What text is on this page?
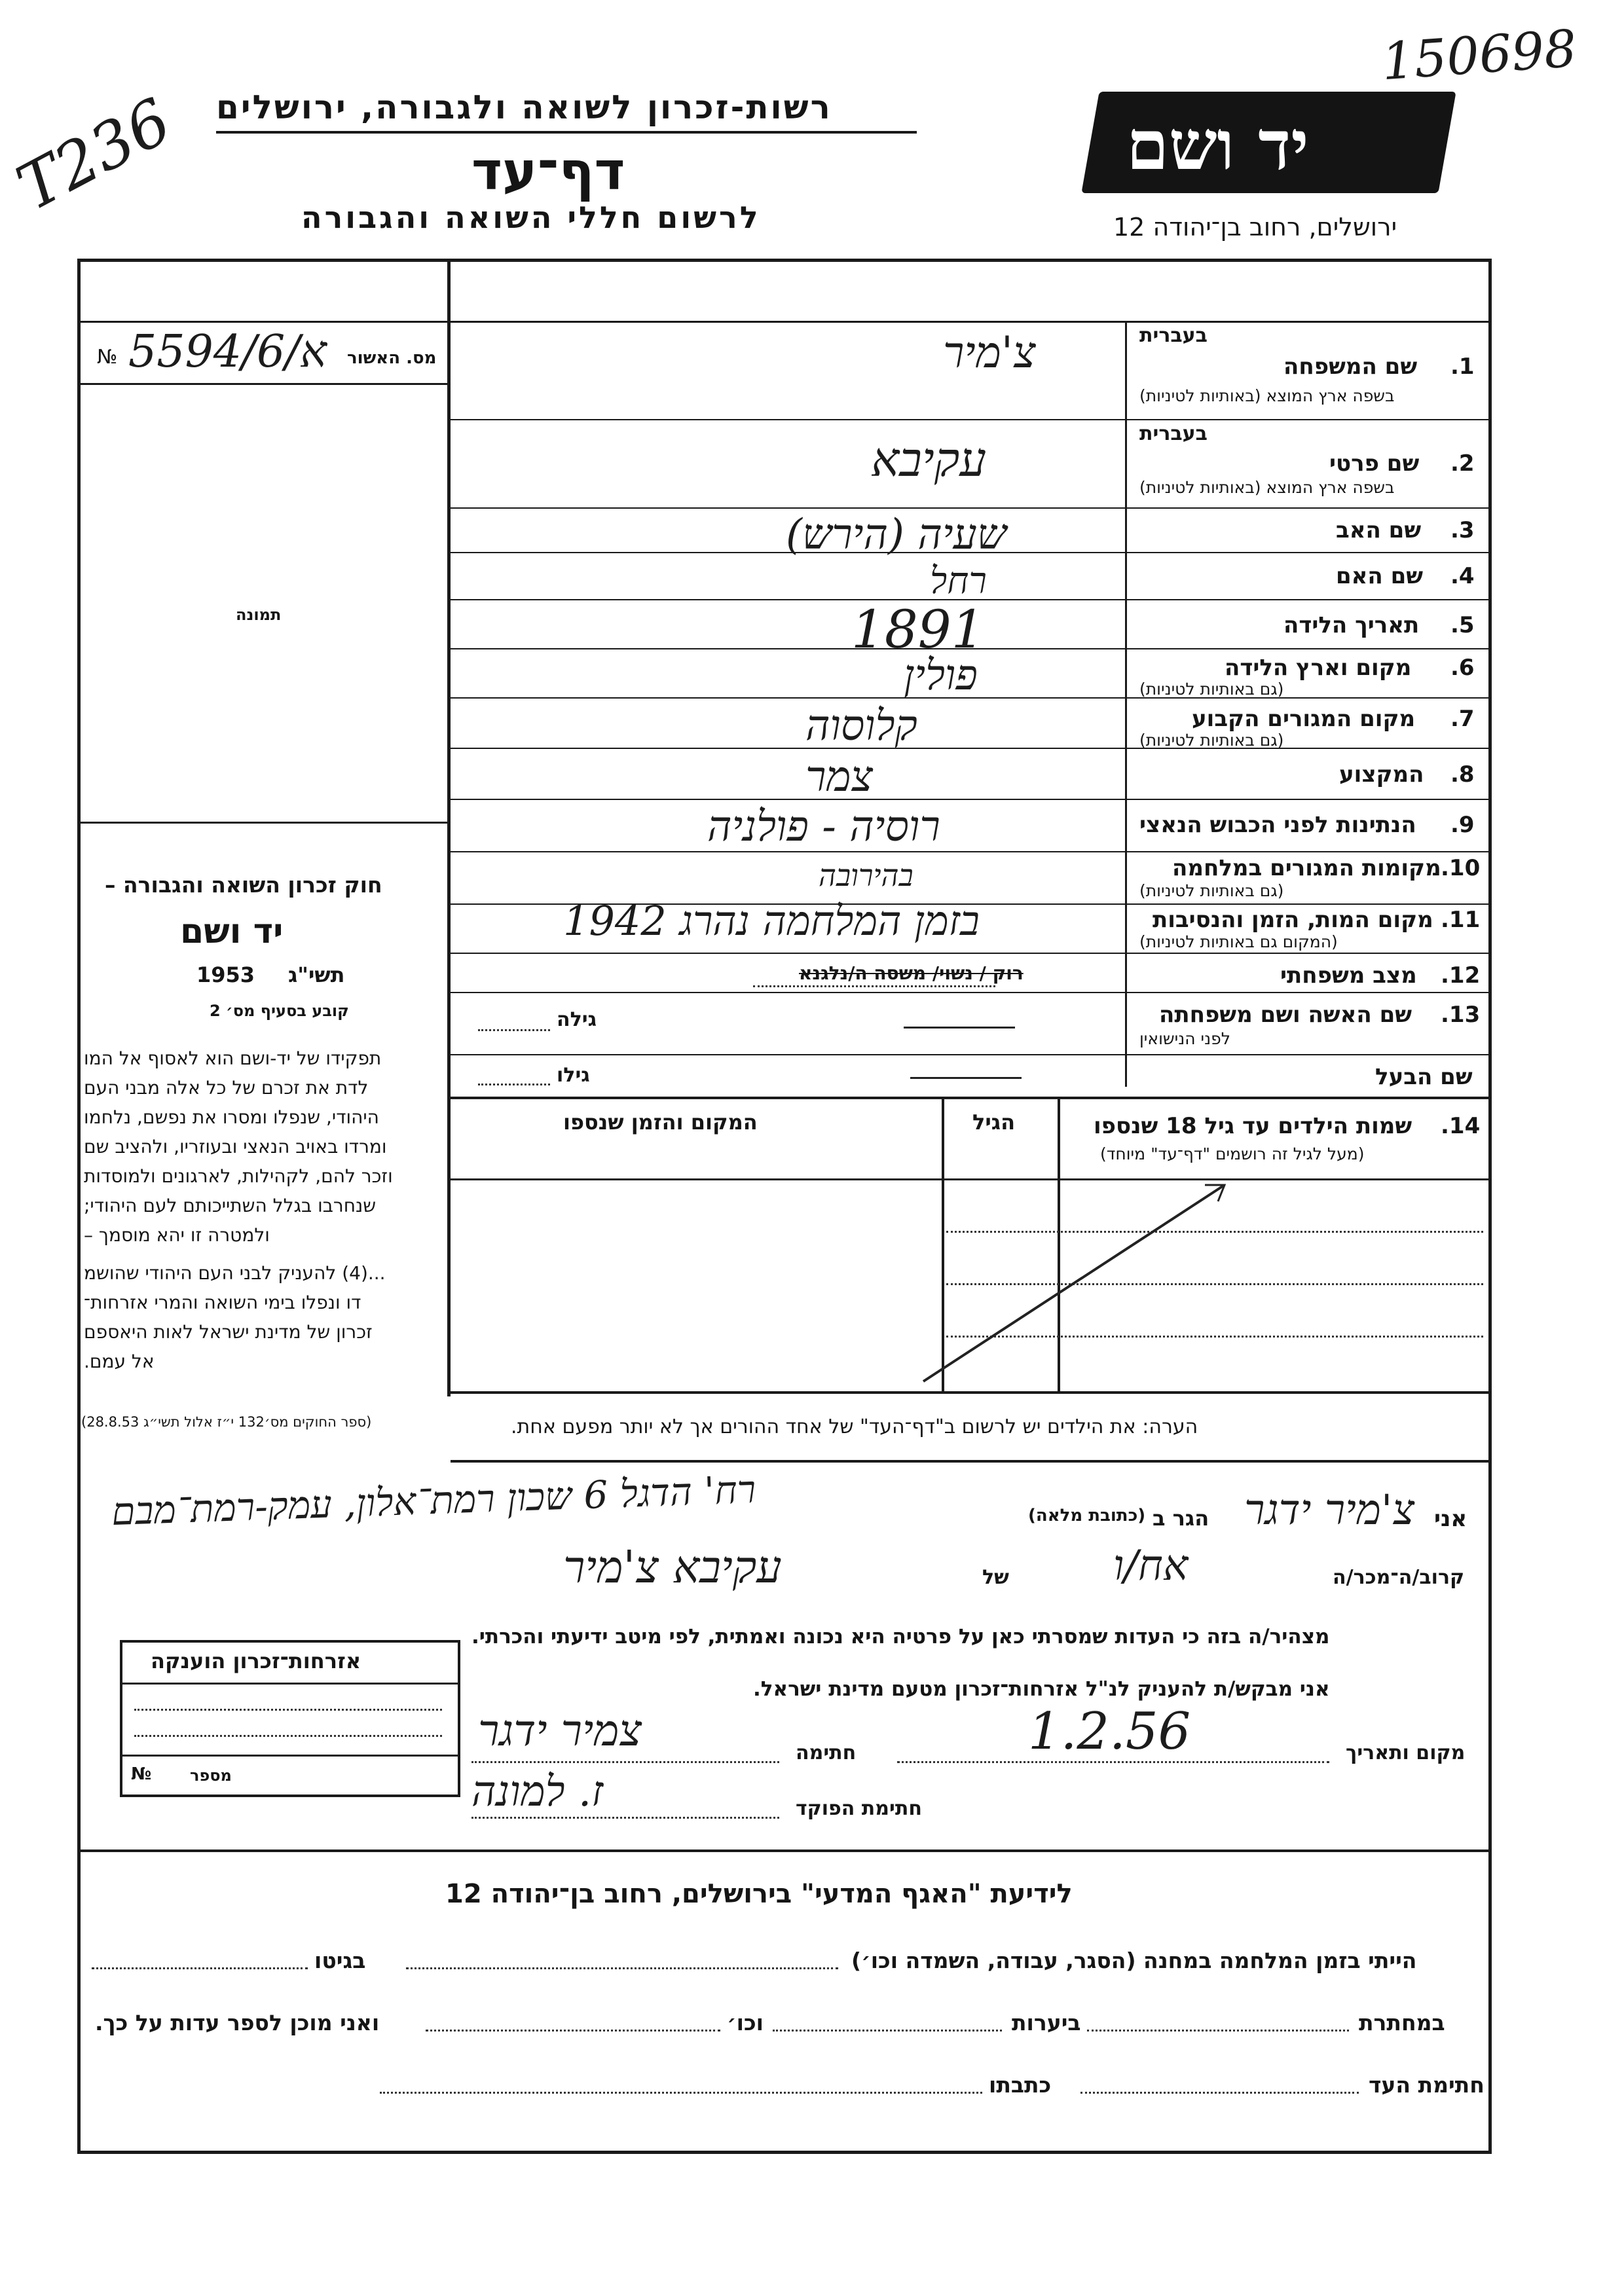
150698
T236 רשות-זכרון לשואה ולגבורה, ירושלים
דף־עד
לרשום חללי השואה והגבורה
יד ושם
ירושלים, רחוב בן־יהודה 12
№ א/5594/6 מס. האשור
תמונה
חוק זכרון השואה והגבורה –
יד ושם
תשי"ג
1953
קובע בסעיף מס׳ 2
תפקידו של יד-ושם הוא לאסוף אל המו
לדת את זכרם של כל אלה מבני העם
היהודי, שנפלו ומסרו את נפשם, נלחמו
ומרדו באויב הנאצי ובעוזריו, ולהציב שם
וזכר להם, לקהילות, לארגונים ולמוסדות
שנחרבו בגלל השתייכותם לעם היהודי;
ולמטרה זו יהא מוסמך –
...(4) להעניק לבני העם היהודי שהושמ
דו ונפלו בימי השואה והמרי אזרחות־
זכרון של מדינת ישראל לאות היאספם
אל עמם.
(ספר החוקים מס׳132 י״ז אלול תשי״ג 28.8.53)
בעברית
שם המשפחה 1.
בשפה ארץ המוצא (באותיות לטיניות)
צ'מיר
בעברית
שם פרטי 2.
בשפה ארץ המוצא (באותיות לטיניות)
עקיבא
שם האב 3.
שעיה (הירש)
שם האם 4.
רחל
תאריך הלידה 5.
1891
מקום וארץ הלידה 6.
(גם באותיות לטיניות)
פולין
מקום המגורים הקבוע 7.
(גם באותיות לטיניות)
קלוסוה
המקצוע 8.
צמר
הנתינות לפני הכבוש הנאצי 9.
רוסיה - פולניה
מקומות המגורים במלחמה 10.
(גם באותיות לטיניות)
בהירובה
מקום המות, הזמן והנסיבות 11.
(המקום גם באותיות לטיניות)
בזמן המלחמה נהרג 1942
מצב משפחתי 12.
רוק / נשוי/ משסה ה/נלגנא
שם האשה ושם משפחתה 13.
לפני הנישואין
גילה
שם הבעל
גילו
14.
שמות הילדים עד גיל 18 שנספו
(מעל לגיל זה רושמים "דף־עד" מיוחד)
הגיל
המקום והזמן שנספו
הערה: את הילדים יש לרשום ב"דף־העד" של אחד ההורים אך לא יותר מפעם אחת.
רח' הדגל 6 שכון רמת־אלון, עמק-רמת־מבם	(כתובת מלאה) הגר ב צ'מיר ידגר אני
קרוב/ה־מכר/ה
אח/ו
של
עקיבא צ'מיר
מצהיר/ה בזה כי העדות שמסרתי כאן על פרטיה היא נכונה ואמתית, לפי מיטב ידיעתי והכרתי.
אני מבקש/ת להעניק לנ"ל אזרחות־זכרון מטעם מדינת ישראל.
מקום ותאריך
1.2.56
חתימה
צמיר ידגר
חתימת הפוקד
ז. למונה
אזרחות־זכרון הוענקה
№ מספר
לידיעת "האגף המדעי" בירושלים, רחוב בן־יהודה 12
הייתי בזמן המלחמה במחנה (הסגר, עבודה, השמדה וכו׳)
בגיטו
במחתרת
ביערות
וכו׳
ואני מוכן לספר עדות על כך.
חתימת העד
כתבתו
